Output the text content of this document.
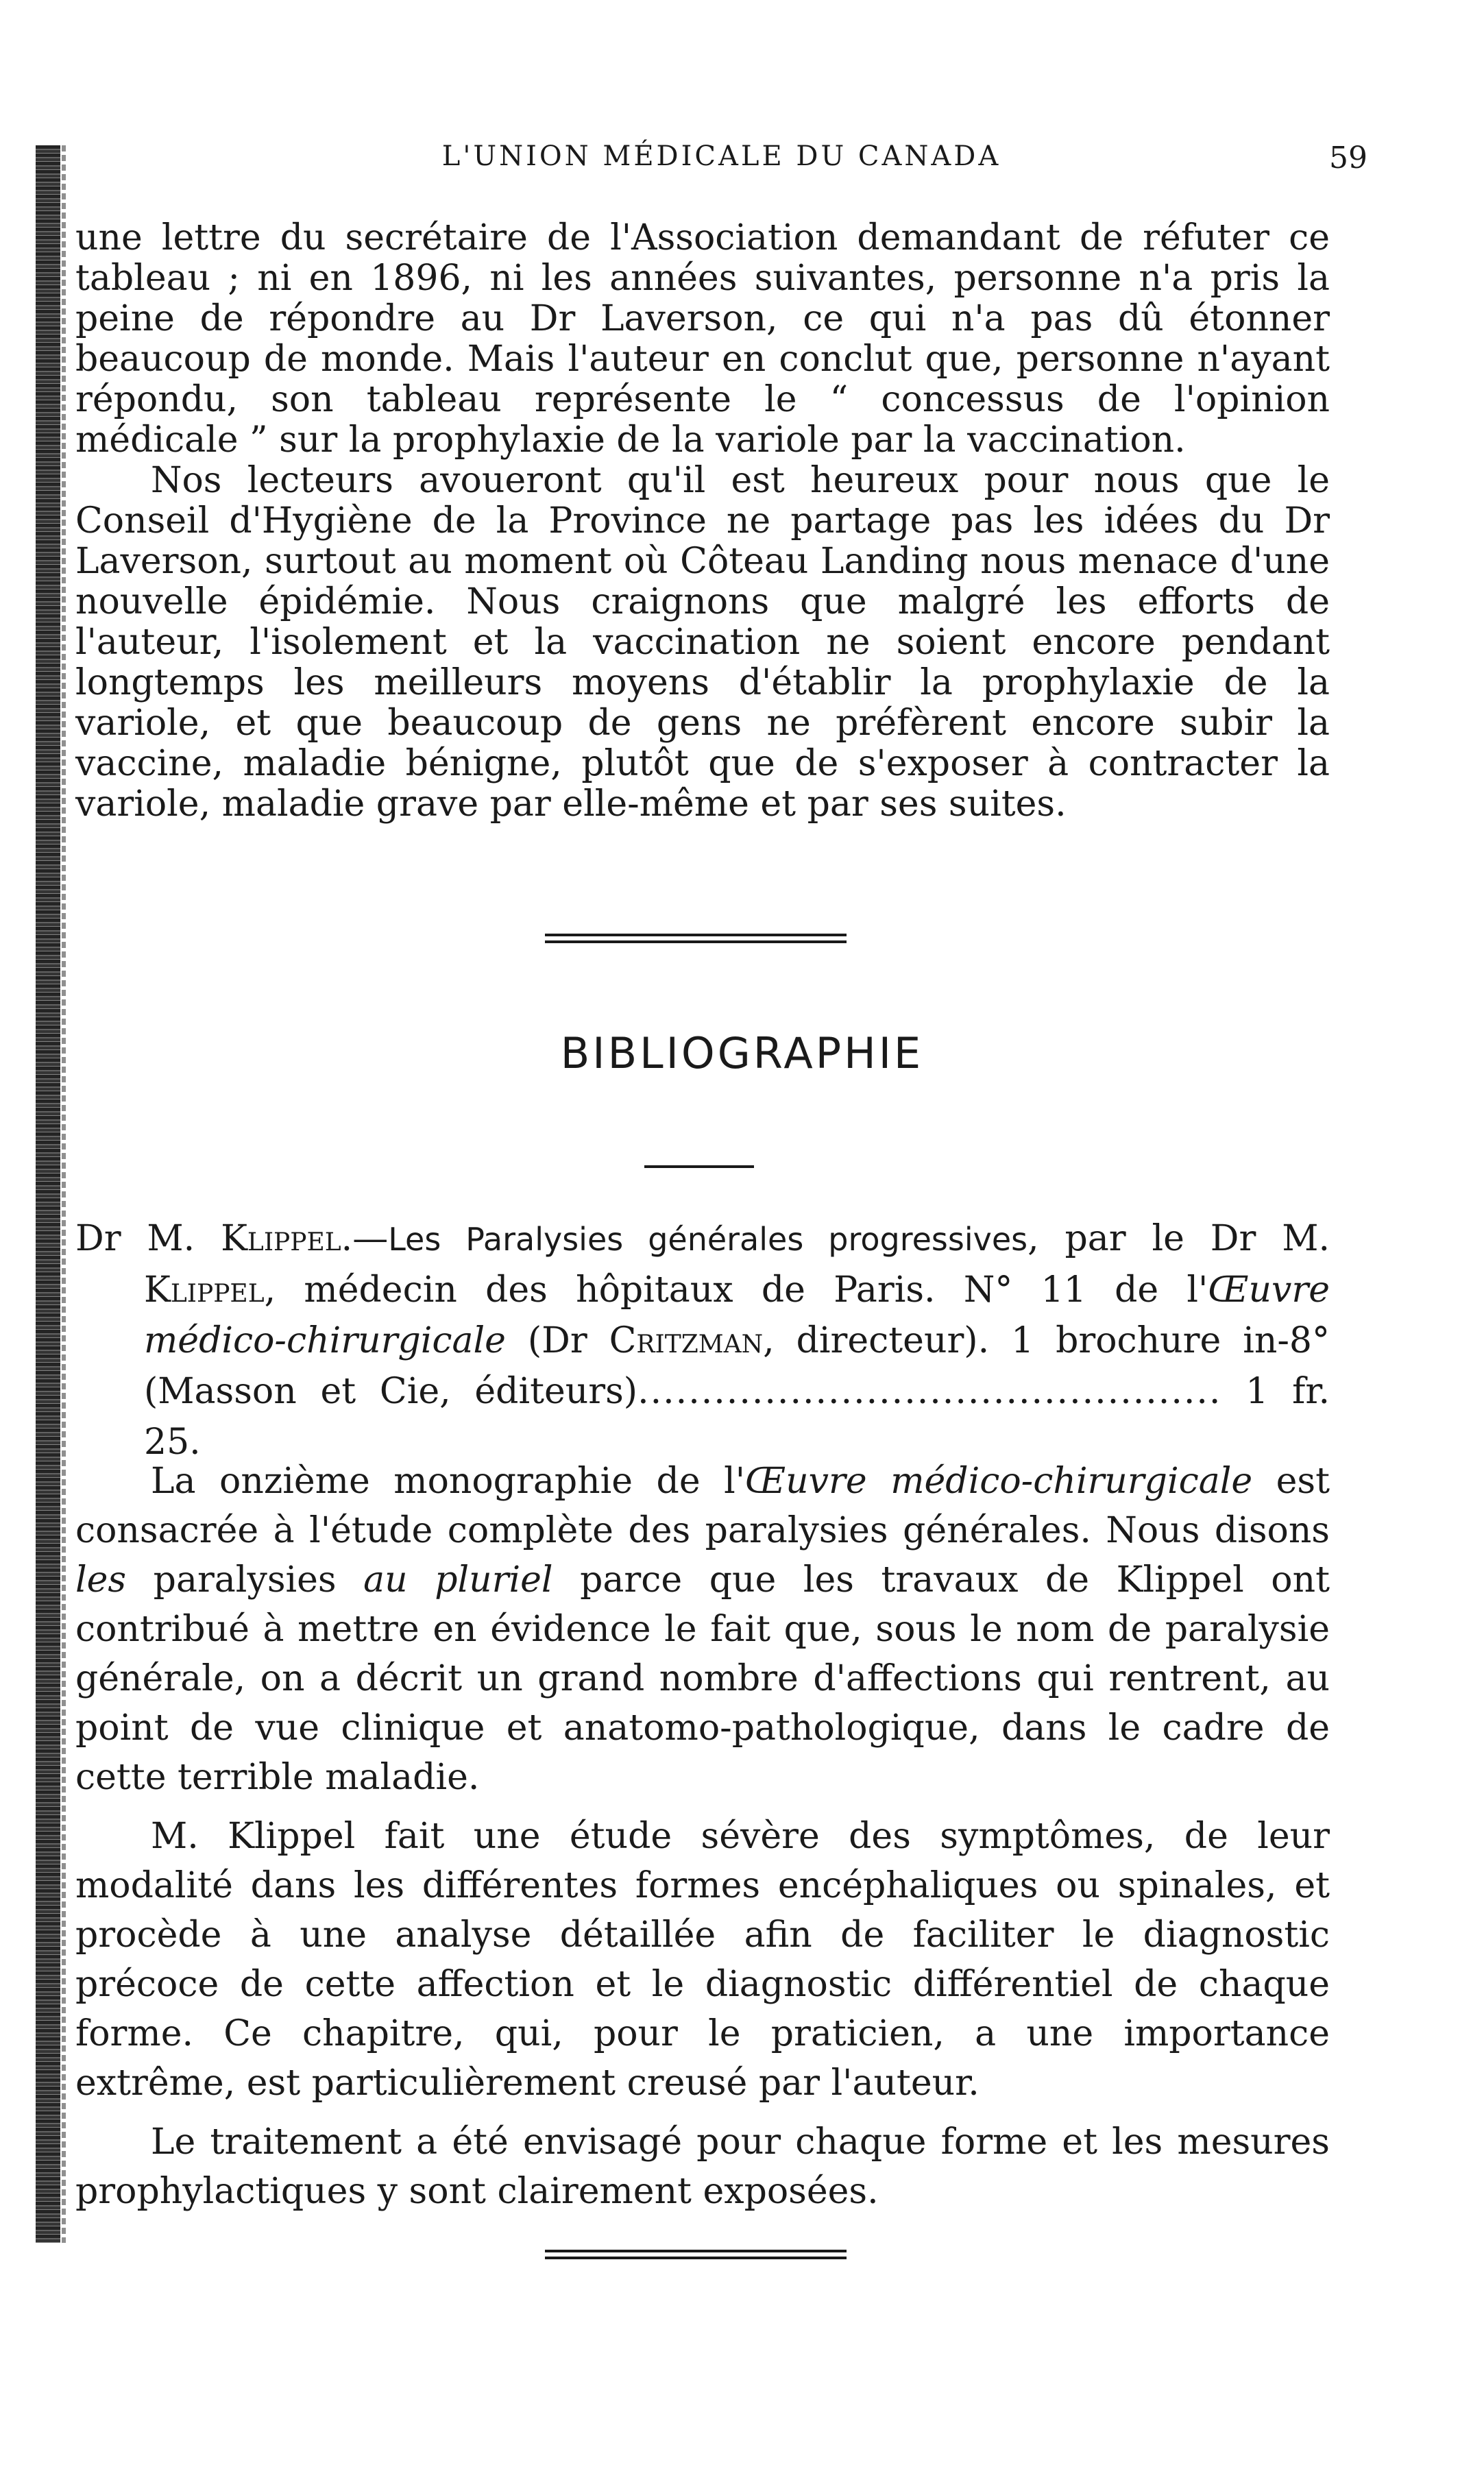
L'UNION MÉDICALE DU CANADA	59

une lettre du secrétaire de l'Association demandant de réfuter ce tableau ; ni en 1896, ni les années suivantes, personne n'a pris la peine de répondre au Dr Laverson, ce qui n'a pas dû étonner beaucoup de monde. Mais l'auteur en conclut que, personne n'ayant répondu, son tableau représente le “ concessus de l'opinion médicale ” sur la prophylaxie de la variole par la vaccination.

Nos lecteurs avoueront qu'il est heureux pour nous que le Conseil d'Hygiène de la Province ne partage pas les idées du Dr Laverson, surtout au moment où Côteau Landing nous menace d'une nouvelle épidémie. Nous craignons que malgré les efforts de l'auteur, l'isolement et la vaccination ne soient encore pendant longtemps les meilleurs moyens d'établir la prophylaxie de la variole, et que beaucoup de gens ne préfèrent encore subir la vaccine, maladie bénigne, plutôt que de s'exposer à contracter la variole, maladie grave par elle-même et par ses suites.

BIBLIOGRAPHIE

Dr M. Klippel.—Les Paralysies générales progressives, par le Dr M. Klippel, médecin des hôpitaux de Paris. N° 11 de l'Œuvre médico-chirurgicale (Dr Critzman, directeur). 1 brochure in-8° (Masson et Cie, éditeurs).............................................. 1 fr. 25.

La onzième monographie de l'Œuvre médico-chirurgicale est consacrée à l'étude complète des paralysies générales. Nous disons les paralysies au pluriel parce que les travaux de Klippel ont contribué à mettre en évidence le fait que, sous le nom de paralysie générale, on a décrit un grand nombre d'affections qui rentrent, au point de vue clinique et anatomo-pathologique, dans le cadre de cette terrible maladie.

M. Klippel fait une étude sévère des symptômes, de leur modalité dans les différentes formes encéphaliques ou spinales, et procède à une analyse détaillée afin de faciliter le diagnostic précoce de cette affection et le diagnostic différentiel de chaque forme. Ce chapitre, qui, pour le praticien, a une importance extrême, est particulièrement creusé par l'auteur.

Le traitement a été envisagé pour chaque forme et les mesures prophylactiques y sont clairement exposées.
